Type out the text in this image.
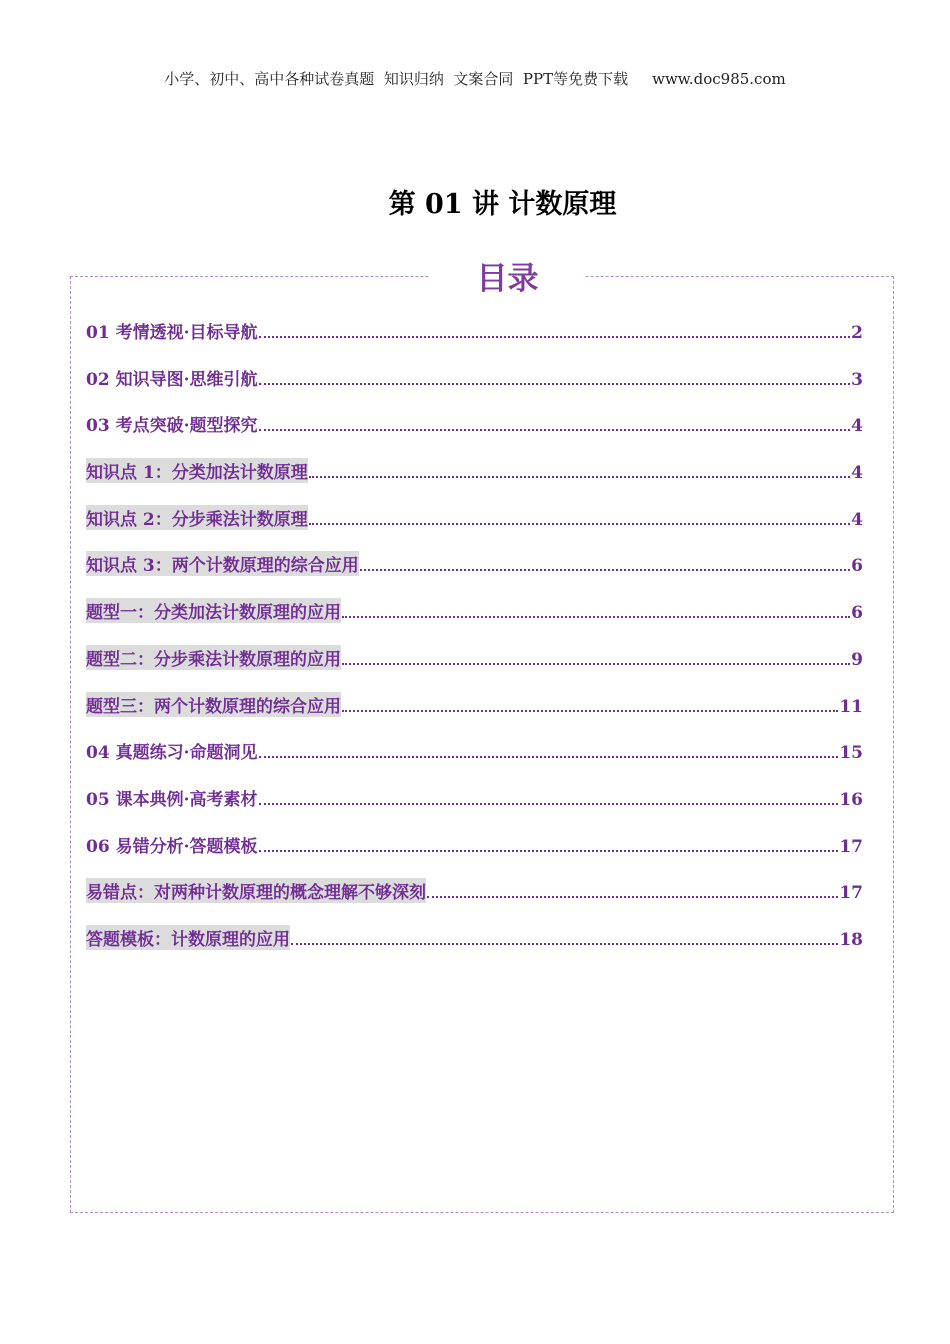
小学、初中、高中各种试卷真题  知识归纳  文案合同  PPT等免费下载 www.doc985.com
第 01 讲 计数原理
目录
01 考情透视·目标导航	2
02 知识导图·思维引航	3
03 考点突破·题型探究	4
知识点 1：分类加法计数原理	4
知识点 2：分步乘法计数原理	4
知识点 3：两个计数原理的综合应用	6
题型一：分类加法计数原理的应用	6
题型二：分步乘法计数原理的应用	9
题型三：两个计数原理的综合应用	11
04 真题练习·命题洞见	15
05 课本典例·高考素材	16
06 易错分析·答题模板	17
易错点：对两种计数原理的概念理解不够深刻	17
答题模板：计数原理的应用	18
